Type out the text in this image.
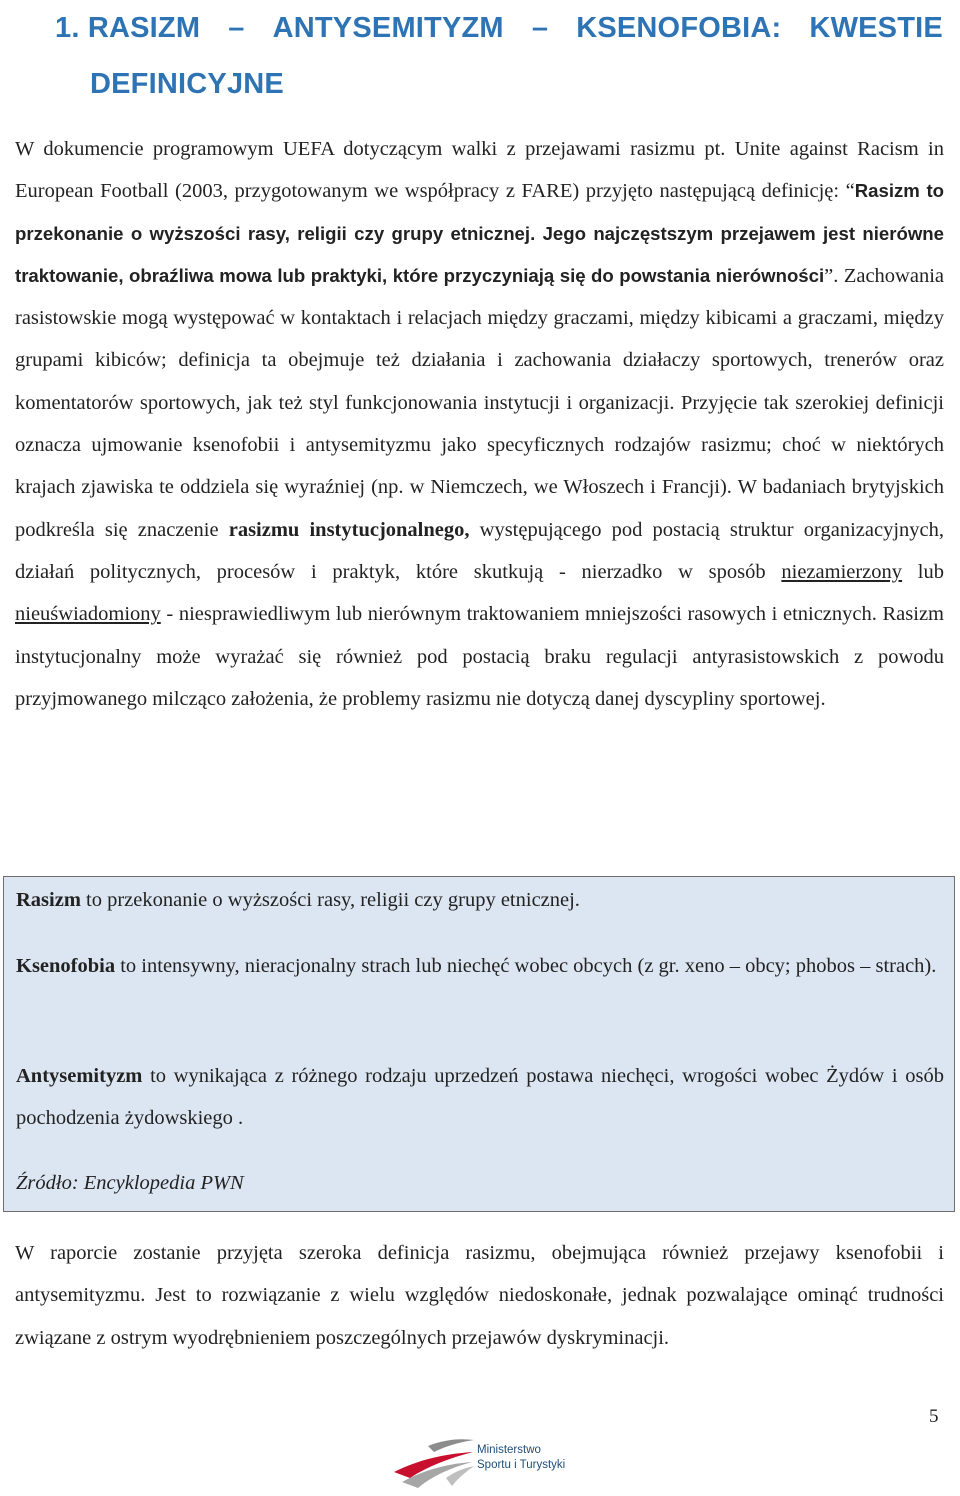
1. RASIZM – ANTYSEMITYZM – KSENOFOBIA: KWESTIE
DEFINICYJNE

W dokumencie programowym UEFA dotyczącym walki z przejawami rasizmu pt. Unite against Racism in European Football (2003, przygotowanym we współpracy z FARE) przyjęto następującą definicję: “Rasizm to przekonanie o wyższości rasy, religii czy grupy etnicznej. Jego najczęstszym przejawem jest nierówne traktowanie, obraźliwa mowa lub praktyki, które przyczyniają się do powstania nierówności”. Zachowania rasistowskie mogą występować w kontaktach i relacjach między graczami, między kibicami a graczami, między grupami kibiców; definicja ta obejmuje też działania i zachowania działaczy sportowych, trenerów oraz komentatorów sportowych, jak też styl funkcjonowania instytucji i organizacji. Przyjęcie tak szerokiej definicji oznacza ujmowanie ksenofobii i antysemityzmu jako specyficznych rodzajów rasizmu; choć w niektórych krajach zjawiska te oddziela się wyraźniej (np. w Niemczech, we Włoszech i Francji). W badaniach brytyjskich podkreśla się znaczenie rasizmu instytucjonalnego, występującego pod postacią struktur organizacyjnych, działań politycznych, procesów i praktyk, które skutkują - nierzadko w sposób niezamierzony lub nieuświadomiony - niesprawiedliwym lub nierównym traktowaniem mniejszości rasowych i etnicznych. Rasizm instytucjonalny może wyrażać się również pod postacią braku regulacji antyrasistowskich z powodu przyjmowanego milcząco założenia, że problemy rasizmu nie dotyczą danej dyscypliny sportowej.

Rasizm to przekonanie o wyższości rasy, religii czy grupy etnicznej.

Ksenofobia to intensywny, nieracjonalny strach lub niechęć wobec obcych (z gr. xeno – obcy; phobos – strach).

Antysemityzm to wynikająca z różnego rodzaju uprzedzeń postawa niechęci, wrogości wobec Żydów i osób pochodzenia żydowskiego .

Źródło: Encyklopedia PWN

W raporcie zostanie przyjęta szeroka definicja rasizmu, obejmująca również przejawy ksenofobii i antysemityzmu. Jest to rozwiązanie z wielu względów niedoskonałe, jednak pozwalające ominąć trudności związane z ostrym wyodrębnieniem poszczególnych przejawów dyskryminacji.

5
Ministerstwo
Sportu i Turystyki
